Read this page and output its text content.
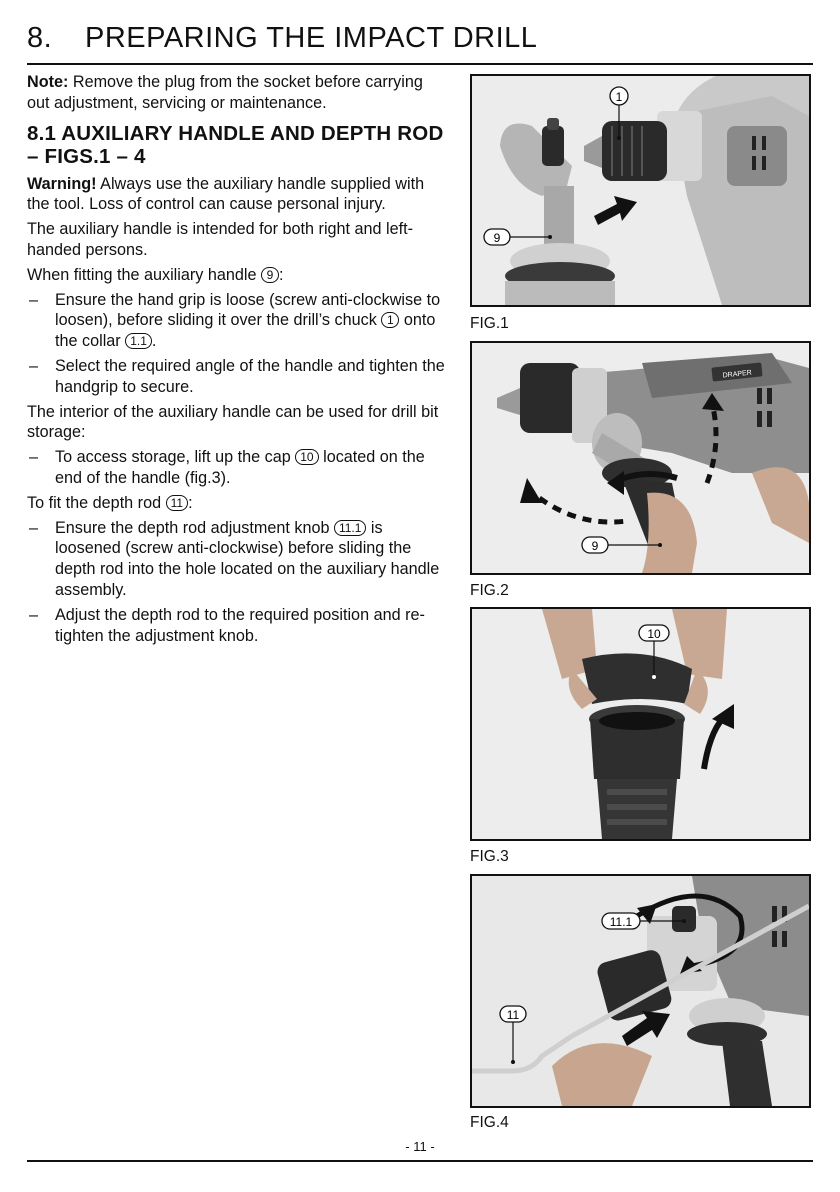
8. PREPARING THE IMPACT DRILL

Note: Remove the plug from the socket before carrying out adjustment, servicing or maintenance.

8.1 AUXILIARY HANDLE AND DEPTH ROD – FIGS.1 – 4

Warning! Always use the auxiliary handle supplied with the tool. Loss of control can cause personal injury.

The auxiliary handle is intended for both right and left-handed persons.

When fitting the auxiliary handle 9 :

– Ensure the hand grip is loose (screw anti-clockwise to loosen), before sliding it over the drill’s chuck 1 onto the collar 1.1 .

– Select the required angle of the handle and tighten the handgrip to secure.

The interior of the auxiliary handle can be used for drill bit storage:

– To access storage, lift up the cap 10 located on the end of the handle (fig.3).

To fit the depth rod 11 :

– Ensure the depth rod adjustment knob 11.1 is loosened (screw anti-clockwise) before sliding the depth rod into the hole located on the auxiliary handle assembly.

– Adjust the depth rod to the required position and re-tighten the adjustment knob.

1
9
FIG.1
DRAPER
9
FIG.2
10
FIG.3
11.1
11
FIG.4
- 11 -
